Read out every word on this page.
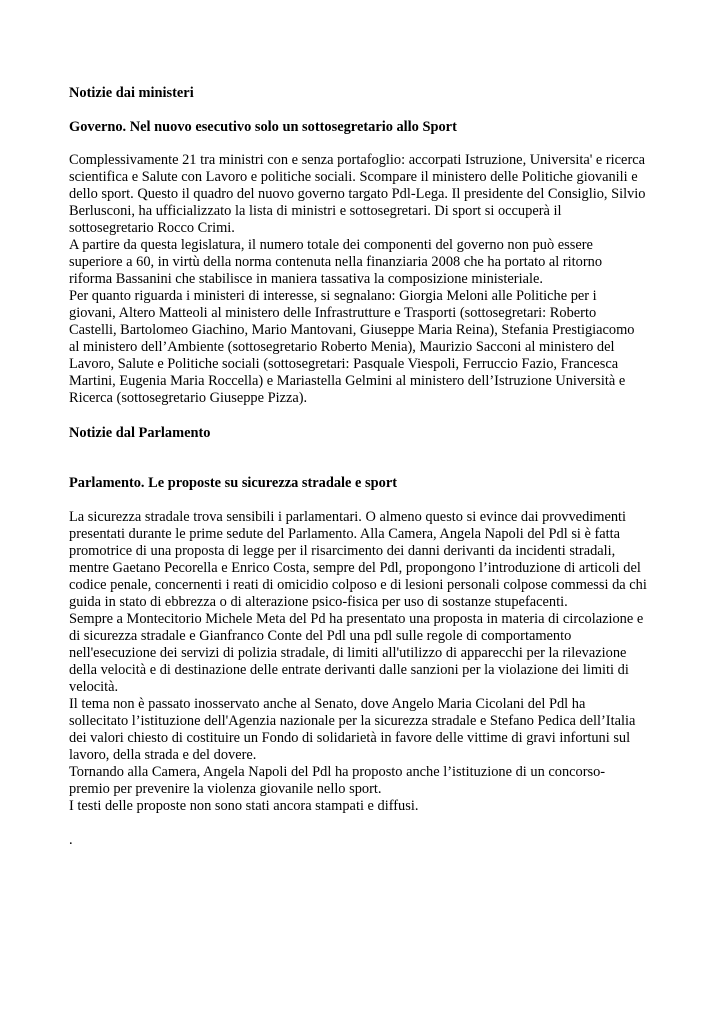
Notizie dai ministeri

Governo. Nel nuovo esecutivo solo un sottosegretario allo Sport

Complessivamente 21 tra ministri con e senza portafoglio: accorpati Istruzione, Universita' e ricerca
scientifica e Salute con Lavoro e politiche sociali. Scompare il ministero delle Politiche giovanili e
dello sport. Questo il quadro del nuovo governo targato Pdl-Lega. Il presidente del Consiglio, Silvio
Berlusconi, ha ufficializzato la lista di ministri e sottosegretari. Di sport si occuperà il
sottosegretario Rocco Crimi.
A partire da questa legislatura, il numero totale dei componenti del governo non può essere
superiore a 60, in virtù della norma contenuta nella finanziaria 2008 che ha portato al ritorno
riforma Bassanini che stabilisce in maniera tassativa la composizione ministeriale.
Per quanto riguarda i ministeri di interesse, si segnalano: Giorgia Meloni alle Politiche per i
giovani, Altero Matteoli al ministero delle Infrastrutture e Trasporti (sottosegretari: Roberto
Castelli, Bartolomeo Giachino, Mario Mantovani, Giuseppe Maria Reina), Stefania Prestigiacomo
al ministero dell’Ambiente (sottosegretario Roberto Menia), Maurizio Sacconi al ministero del
Lavoro, Salute e Politiche sociali (sottosegretari: Pasquale Viespoli, Ferruccio Fazio, Francesca
Martini, Eugenia Maria Roccella) e Mariastella Gelmini al ministero dell’Istruzione Università e
Ricerca (sottosegretario Giuseppe Pizza).

Notizie dal Parlamento

Parlamento. Le proposte su sicurezza stradale e sport

La sicurezza stradale trova sensibili i parlamentari. O almeno questo si evince dai provvedimenti
presentati durante le prime sedute del Parlamento. Alla Camera, Angela Napoli del Pdl si è fatta
promotrice di una proposta di legge per il risarcimento dei danni derivanti da incidenti stradali,
mentre Gaetano Pecorella e Enrico Costa, sempre del Pdl, propongono l’introduzione di articoli del
codice penale, concernenti i reati di omicidio colposo e di lesioni personali colpose commessi da chi
guida in stato di ebbrezza o di alterazione psico-fisica per uso di sostanze stupefacenti.
Sempre a Montecitorio Michele Meta del Pd ha presentato una proposta in materia di circolazione e
di sicurezza stradale e Gianfranco Conte del Pdl una pdl sulle regole di comportamento
nell'esecuzione dei servizi di polizia stradale, di limiti all'utilizzo di apparecchi per la rilevazione
della velocità e di destinazione delle entrate derivanti dalle sanzioni per la violazione dei limiti di
velocità.
Il tema non è passato inosservato anche al Senato, dove Angelo Maria Cicolani del Pdl ha
sollecitato l’istituzione dell'Agenzia nazionale per la sicurezza stradale e Stefano Pedica dell’Italia
dei valori chiesto di costituire un Fondo di solidarietà in favore delle vittime di gravi infortuni sul
lavoro, della strada e del dovere.
Tornando alla Camera, Angela Napoli del Pdl ha proposto anche l’istituzione di un concorso-
premio per prevenire la violenza giovanile nello sport.
I testi delle proposte non sono stati ancora stampati e diffusi.

.
